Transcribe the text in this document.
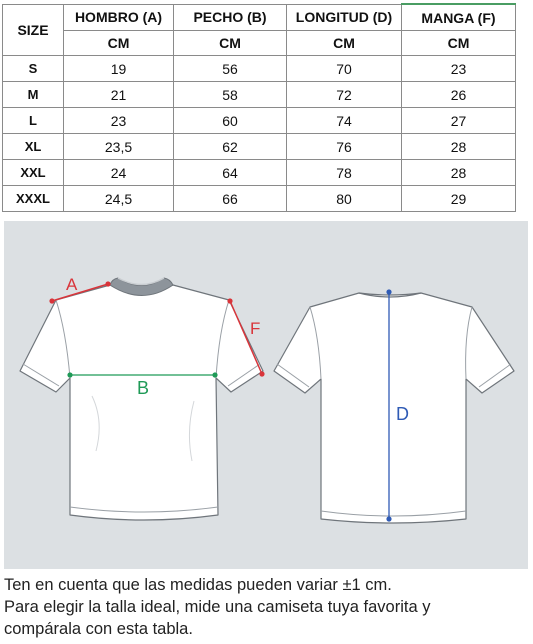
SIZE	HOMBRO (A)	PECHO (B)	LONGITUD (D)	MANGA (F)
	CM	CM	CM	CM
S	19	56	70	23
M	21	58	72	26
L	23	60	74	27
XL	23,5	62	76	28
XXL	24	64	78	28
XXXL	24,5	66	80	29
A
F
B
D
Ten en cuenta que las medidas pueden variar ±1 cm.
Para elegir la talla ideal, mide una camiseta tuya favorita y
compárala con esta tabla.
